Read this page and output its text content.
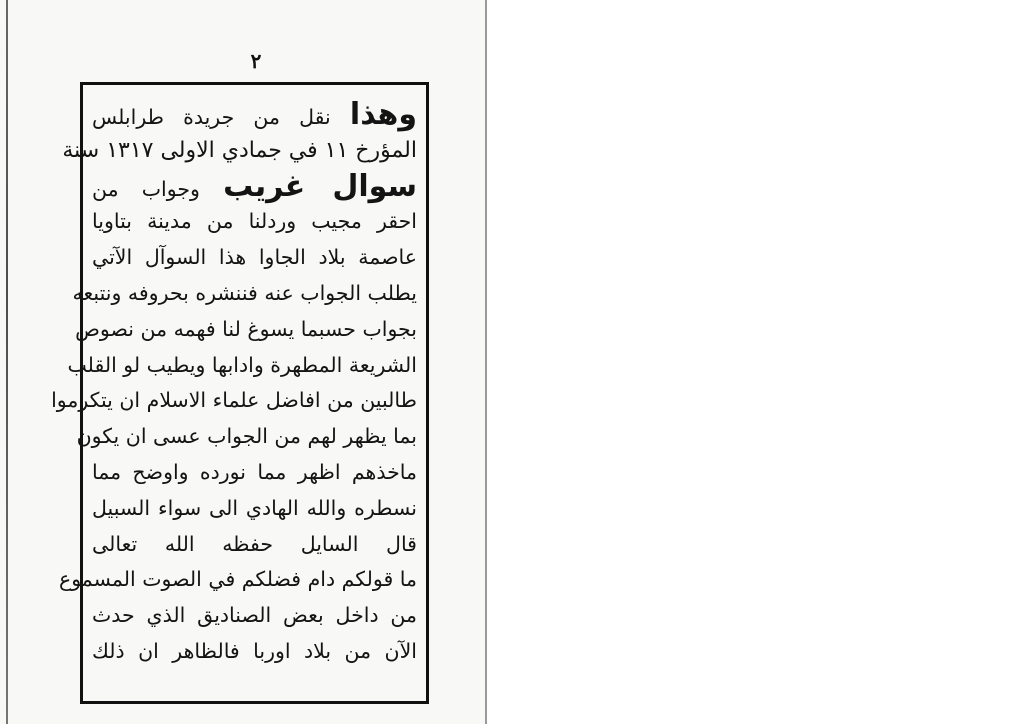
٢
وهذا نقل من جريدة طرابلس
المؤرخ ١١ في جمادي الاولى ١٣١٧ سنة
سوال غريب وجواب من
احقر مجيب وردلنا من مدينة بتاويا
عاصمة بلاد الجاوا هذا السوآل الآتي
يطلب الجواب عنه فننشره بحروفه ونتبعه
بجواب حسبما يسوغ لنا فهمه من نصوص
الشريعة المطهرة وادابها ويطيب لو القلب
طالبين من افاضل علماء الاسلام ان يتكرموا
بما يظهر لهم من الجواب عسى ان يكون
ماخذهم اظهر مما نورده واوضح مما
نسطره والله الهادي الى سواء السبيل
قال السايل حفظه الله تعالى
ما قولكم دام فضلكم في الصوت المسموع
من داخل بعض الصناديق الذي حدث
الآن من بلاد اوربا فالظاهر ان ذلك
